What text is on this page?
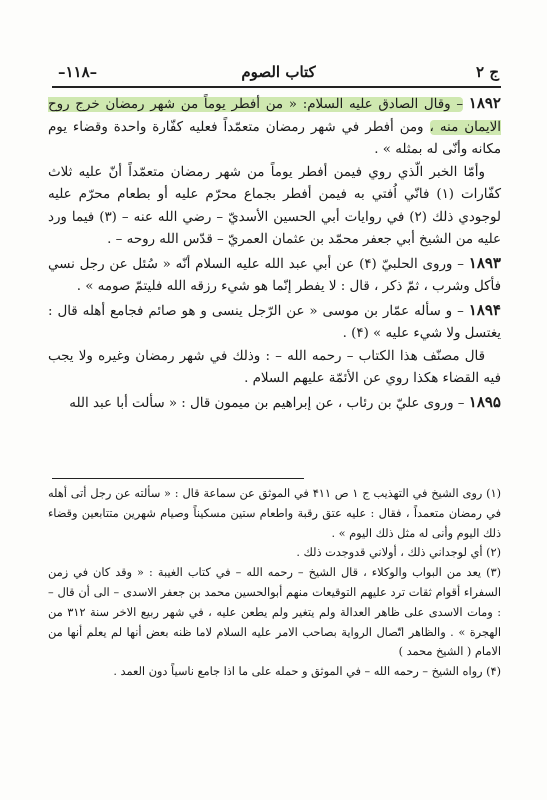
ج ۲
كتاب الصوم
–۱۱۸–

۱۸۹۲ – وقال الصادق عليه السلام: « من أفطر يوماً من شهر رمضان خرج روح الايمان منه ، ومن أفطر في شهر رمضان متعمّداً فعليه كفّارة واحدة وقضاء يوم مكانه وأنّى له بمثله » .

وأمّا الخبر الّذي روي فيمن أفطر يوماً من شهر رمضان متعمّداً أنّ عليه ثلاث كفّارات (۱) فانّي اُفتي به فيمن أفطر بجماع محرّم عليه أو بطعام محرّم عليه لوجودي ذلك (۲) في روايات أبي الحسين الأسديّ – رضي الله عنه – (۳) فيما ورد عليه من الشيخ أبي جعفر محمّد بن عثمان العمريّ – قدّس الله روحه – .

۱۸۹۳ – وروى الحلبيّ (۴) عن أبي عبد الله عليه السلام أنّه « سُئل عن رجل نسي فأكل وشرب ، ثمّ ذكر ، قال : لا يفطر إنّما هو شيء رزقه الله فليتمّ صومه » .

۱۸۹۴ – و سأله عمّار بن موسى « عن الرّجل ينسى و هو صائم فجامع أهله قال : يغتسل ولا شيء عليه » (۴) .

قال مصنّف هذا الكتاب – رحمه الله – : وذلك في شهر رمضان وغيره ولا يجب فيه القضاء هكذا روي عن الأئمّة عليهم السلام .

۱۸۹۵ – وروى عليّ بن رئاب ، عن إبراهيم بن ميمون قال : « سألت أبا عبد الله

(۱) روى الشيخ في التهذيب ج ۱ ص ۴۱۱ في الموثق عن سماعة قال : « سألته عن رجل أتى أهله في رمضان متعمداً ، فقال : عليه عتق رقبة واطعام ستين مسكيناً وصيام شهرين متتابعين وقضاء ذلك اليوم وأنى له مثل ذلك اليوم » .

(۲) أي لوجداني ذلك ، أولاني قدوجدت ذلك .

(۳) يعد من البواب والوكلاء ، قال الشيخ – رحمه الله – في كتاب الغيبة : « وقد كان في زمن السفراء أقوام ثقات ترد عليهم التوقيعات منهم أبوالحسين محمد بن جعفر الاسدى – الى أن قال – : ومات الاسدى على ظاهر العدالة ولم يتغير ولم يطعن عليه ، في شهر ربيع الاخر سنة ۳۱۲ من الهجرة » . والظاهر اتّصال الرواية بصاحب الامر عليه السلام لاما ظنه بعض أنها لم يعلم أنها من الامام ( الشيخ محمد )

(۴) رواه الشيخ – رحمه الله – في الموثق و حمله على ما اذا جامع ناسياً دون العمد .
